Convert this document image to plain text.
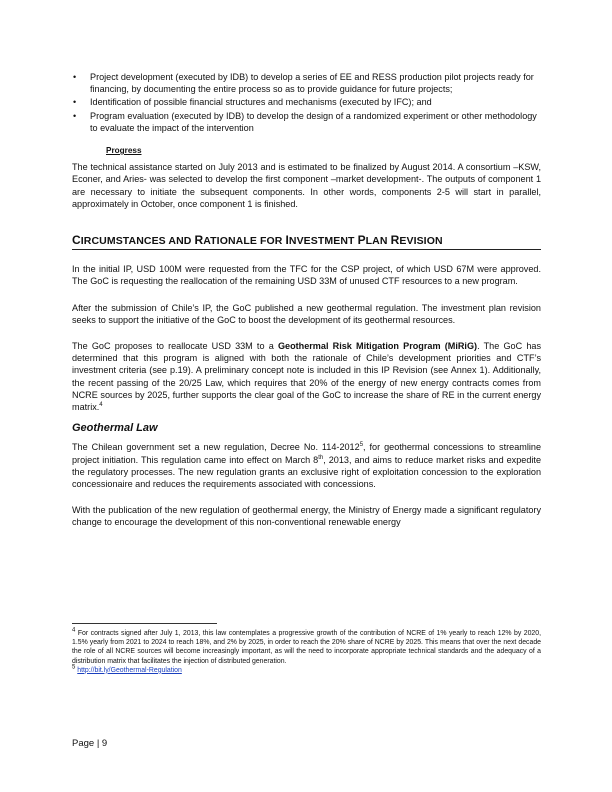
• Project development (executed by IDB) to develop a series of EE and RESS production pilot projects ready for financing, by documenting the entire process so as to provide guidance for future projects;
• Identification of possible financial structures and mechanisms (executed by IFC); and
• Program evaluation (executed by IDB) to develop the design of a randomized experiment or other methodology to evaluate the impact of the intervention
Progress

The technical assistance started on July 2013 and is estimated to be finalized by August 2014. A consortium –KSW, Econer, and Aries- was selected to develop the first component –market development-. The outputs of component 1 are necessary to initiate the subsequent components. In other words, components 2-5 will start in parallel, approximately in October, once component 1 is finished.

CIRCUMSTANCES AND RATIONALE FOR INVESTMENT PLAN REVISION

In the initial IP, USD 100M were requested from the TFC for the CSP project, of which USD 67M were approved. The GoC is requesting the reallocation of the remaining USD 33M of unused CTF resources to a new program.

After the submission of Chile’s IP, the GoC published a new geothermal regulation. The investment plan revision seeks to support the initiative of the GoC to boost the development of its geothermal resources.

The GoC proposes to reallocate USD 33M to a Geothermal Risk Mitigation Program (MiRiG). The GoC has determined that this program is aligned with both the rationale of Chile’s development priorities and CTF’s investment criteria (see p.19). A preliminary concept note is included in this IP Revision (see Annex 1). Additionally, the recent passing of the 20/25 Law, which requires that 20% of the energy of new energy contracts comes from NCRE sources by 2025, further supports the clear goal of the GoC to increase the share of RE in the current energy matrix.$^4$

Geothermal Law

The Chilean government set a new regulation, Decree No. 114-2012$^5$, for geothermal concessions to streamline project initiation. This regulation came into effect on March 8th, 2013, and aims to reduce market risks and expedite the regulatory processes. The new regulation grants an exclusive right of exploitation concession to the exploration concessionaire and reduces the requirements associated with concessions.

With the publication of the new regulation of geothermal energy, the Ministry of Energy made a significant regulatory change to encourage the development of this non-conventional renewable energy

$^4$ For contracts signed after July 1, 2013, this law contemplates a progressive growth of the contribution of NCRE of 1% yearly to reach 12% by 2020, 1.5% yearly from 2021 to 2024 to reach 18%, and 2% by 2025, in order to reach the 20% share of NCRE by 2025. This means that over the next decade the role of all NCRE sources will become increasingly important, as will the need to incorporate appropriate technical standards and the adequacy of a distribution matrix that facilitates the injection of distributed generation.

$^5$ http://bit.ly/Geothermal-Regulation

Page | 9
